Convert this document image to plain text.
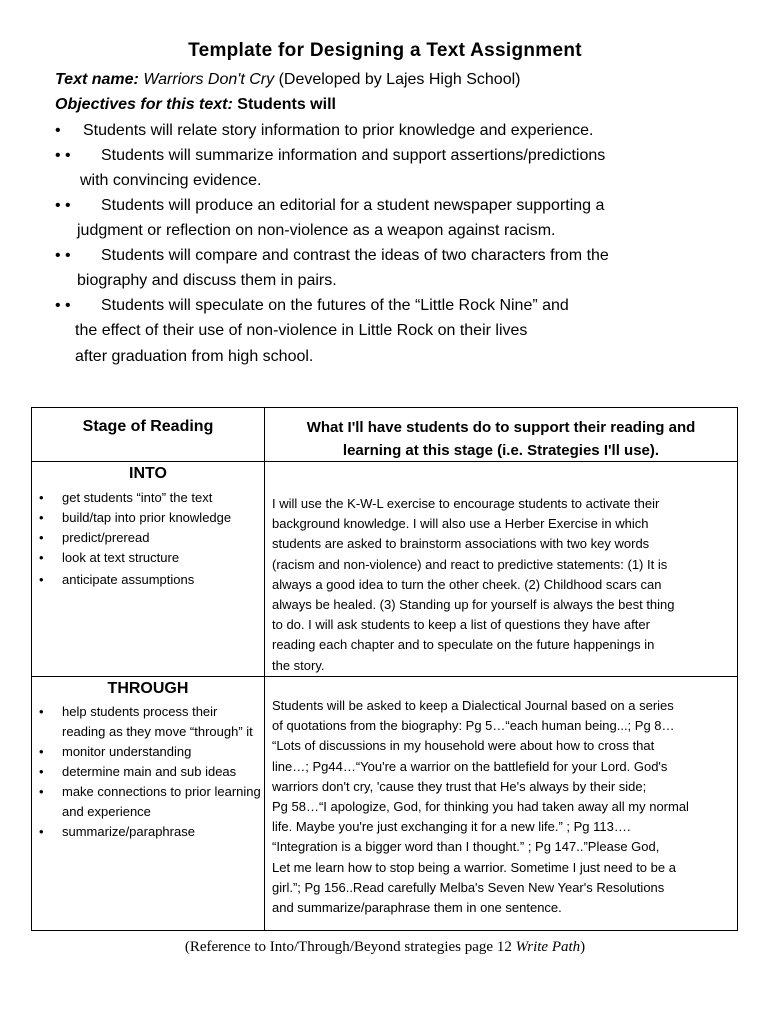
Template for Designing a Text Assignment
Text name: Warriors Don't Cry (Developed by Lajes High School)
Objectives for this text: Students will
• Students will relate story information to prior knowledge and experience.
• • Students will summarize information and support assertions/predictions
with convincing evidence.
• • Students will produce an editorial for a student newspaper supporting a
judgment or reflection on non-violence as a weapon against racism.
• • Students will compare and contrast the ideas of two characters from the
biography and discuss them in pairs.
• • Students will speculate on the futures of the “Little Rock Nine” and
the effect of their use of non-violence in Little Rock on their lives
after graduation from high school.
Stage of Reading	What I'll have students do to support their reading and
learning at this stage (i.e. Strategies I'll use).
INTO
• get students “into” the text
• build/tap into prior knowledge
• predict/preread
• look at text structure
• anticipate assumptions
I will use the K-W-L exercise to encourage students to activate their
background knowledge. I will also use a Herber Exercise in which
students are asked to brainstorm associations with two key words
(racism and non-violence) and react to predictive statements: (1) It is
always a good idea to turn the other cheek. (2) Childhood scars can
always be healed. (3) Standing up for yourself is always the best thing
to do. I will ask students to keep a list of questions they have after
reading each chapter and to speculate on the future happenings in
the story.
THROUGH
• help students process their reading as they move “through” it
• monitor understanding
• determine main and sub ideas
• make connections to prior learning and experience
• summarize/paraphrase
Students will be asked to keep a Dialectical Journal based on a series
of quotations from the biography: Pg 5…“each human being...; Pg 8…
“Lots of discussions in my household were about how to cross that
line…; Pg44…“You're a warrior on the battlefield for your Lord. God's
warriors don't cry, 'cause they trust that He's always by their side;
Pg 58…“I apologize, God, for thinking you had taken away all my normal
life. Maybe you're just exchanging it for a new life.” ; Pg 113….
“Integration is a bigger word than I thought.” ; Pg 147..”Please God,
Let me learn how to stop being a warrior. Sometime I just need to be a
girl.”; Pg 156..Read carefully Melba's Seven New Year's Resolutions
and summarize/paraphrase them in one sentence.
(Reference to Into/Through/Beyond strategies page 12 Write Path)
